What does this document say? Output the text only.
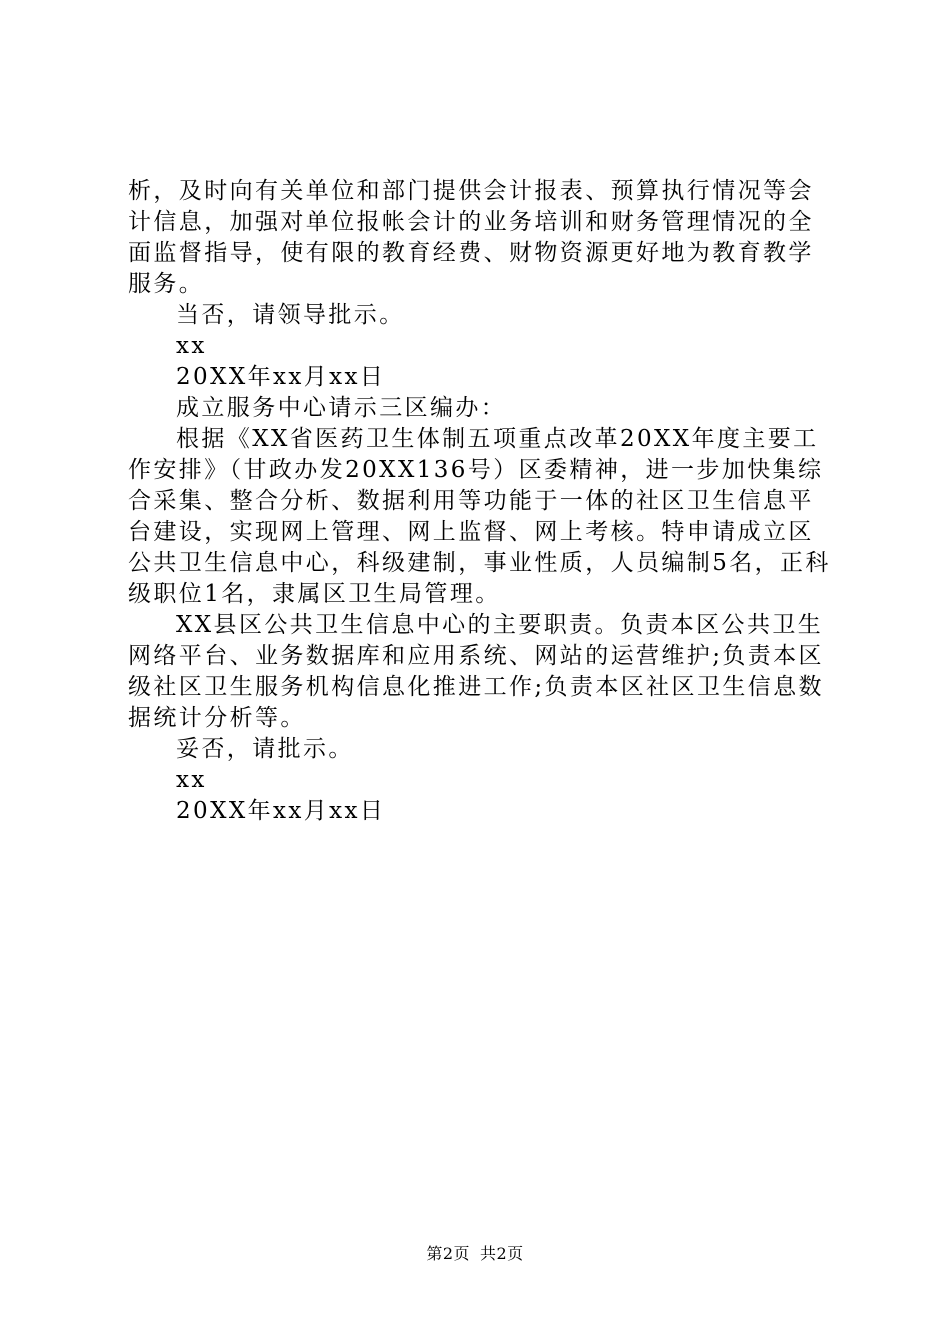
析，及时向有关单位和部门提供会计报表、预算执行情况等会计信息，加强对单位报帐会计的业务培训和财务管理情况的全面监督指导，使有限的教育经费、财物资源更好地为教育教学服务。

当否，请领导批示。

xx

20XX年xx月xx日

成立服务中心请示三区编办：

根据《XX省医药卫生体制五项重点改革20XX年度主要工作安排》（甘政办发20XX136号）区委精神，进一步加快集综合采集、整合分析、数据利用等功能于一体的社区卫生信息平台建设，实现网上管理、网上监督、网上考核。特申请成立区公共卫生信息中心，科级建制，事业性质，人员编制5名，正科级职位1名，隶属区卫生局管理。

XX县区公共卫生信息中心的主要职责。负责本区公共卫生网络平台、业务数据库和应用系统、网站的运营维护;负责本区级社区卫生服务机构信息化推进工作;负责本区社区卫生信息数据统计分析等。

妥否，请批示。

xx

20XX年xx月xx日

第2页 共2页
